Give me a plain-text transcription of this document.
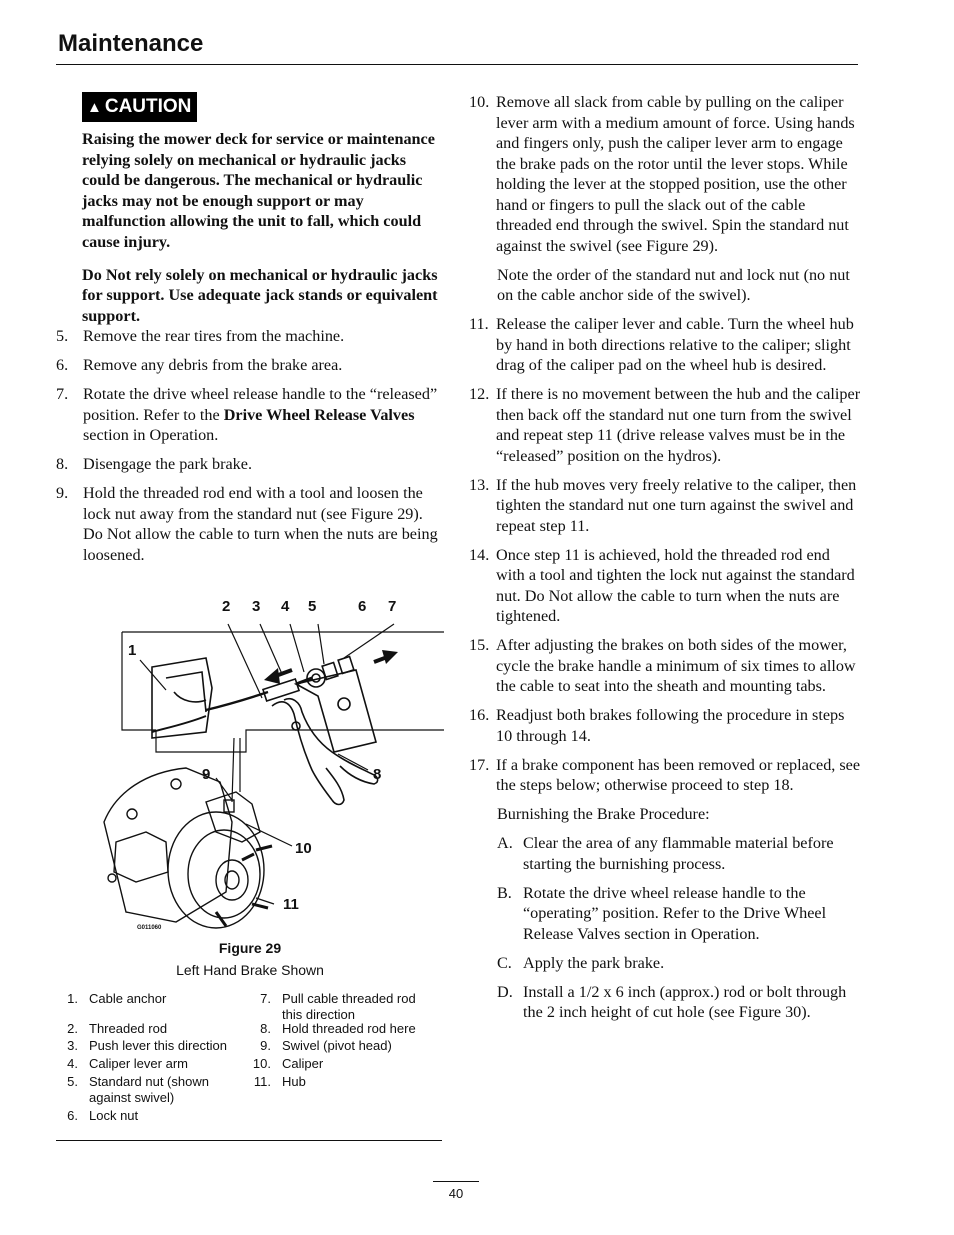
Maintenance
▲ CAUTION

Raising the mower deck for service or maintenance relying solely on mechanical or hydraulic jacks could be dangerous. The mechanical or hydraulic jacks may not be enough support or may malfunction allowing the unit to fall, which could cause injury.

Do Not rely solely on mechanical or hydraulic jacks for support. Use adequate jack stands or equivalent support.

5. Remove the rear tires from the machine.
6. Remove any debris from the brake area.
7. Rotate the drive wheel release handle to the “released” position. Refer to the Drive Wheel Release Valves section in Operation.
8. Disengage the park brake.
9. Hold the threaded rod end with a tool and loosen the lock nut away from the standard nut (see Figure 29). Do Not allow the cable to turn when the nuts are being loosened.
1
2 3 4 5	6 7
8
9
10
11
G011060
Figure 29
Left Hand Brake Shown
1. Cable anchor
2. Threaded rod
3. Push lever this direction
4. Caliper lever arm
5. Standard nut (shown against swivel)
6. Lock nut
7. Pull cable threaded rod this direction
8. Hold threaded rod here
9. Swivel (pivot head)
10. Caliper
11. Hub
10. Remove all slack from cable by pulling on the caliper lever arm with a medium amount of force. Using hands and fingers only, push the caliper lever arm to engage the brake pads on the rotor until the lever stops. While holding the lever at the stopped position, use the other hand or fingers to pull the slack out of the cable threaded end through the swivel. Spin the standard nut against the swivel (see Figure 29).

Note the order of the standard nut and lock nut (no nut on the cable anchor side of the swivel).

11. Release the caliper lever and cable. Turn the wheel hub by hand in both directions relative to the caliper; slight drag of the caliper pad on the wheel hub is desired.
12. If there is no movement between the hub and the caliper then back off the standard nut one turn from the swivel and repeat step 11 (drive release valves must be in the “released” position on the hydros).
13. If the hub moves very freely relative to the caliper, then tighten the standard nut one turn against the swivel and repeat step 11.
14. Once step 11 is achieved, hold the threaded rod end with a tool and tighten the lock nut against the standard nut. Do Not allow the cable to turn when the nuts are tightened.
15. After adjusting the brakes on both sides of the mower, cycle the brake handle a minimum of six times to allow the cable to seat into the sheath and mounting tabs.
16. Readjust both brakes following the procedure in steps 10 through 14.
17. If a brake component has been removed or replaced, see the steps below; otherwise proceed to step 18.

Burnishing the Brake Procedure:

A. Clear the area of any flammable material before starting the burnishing process.
B. Rotate the drive wheel release handle to the “operating” position. Refer to the Drive Wheel Release Valves section in Operation.
C. Apply the park brake.
D. Install a 1/2 x 6 inch (approx.) rod or bolt through the 2 inch height of cut hole (see Figure 30).
40
